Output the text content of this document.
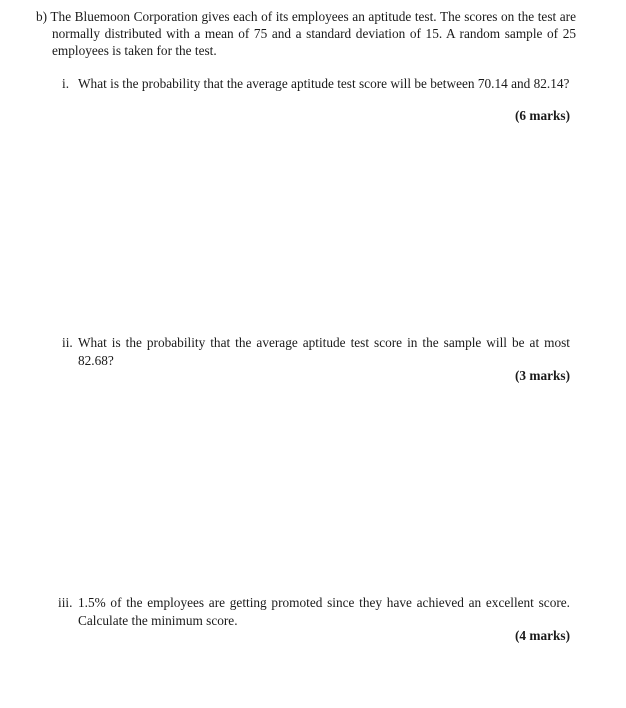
b) The Bluemoon Corporation gives each of its employees an aptitude test. The scores on the test are normally distributed with a mean of 75 and a standard deviation of 15. A random sample of 25 employees is taken for the test.

i. What is the probability that the average aptitude test score will be between 70.14 and 82.14?

(6 marks)
ii. What is the probability that the average aptitude test score in the sample will be at most 82.68?

(3 marks)
iii. 1.5% of the employees are getting promoted since they have achieved an excellent score. Calculate the minimum score.

(4 marks)
